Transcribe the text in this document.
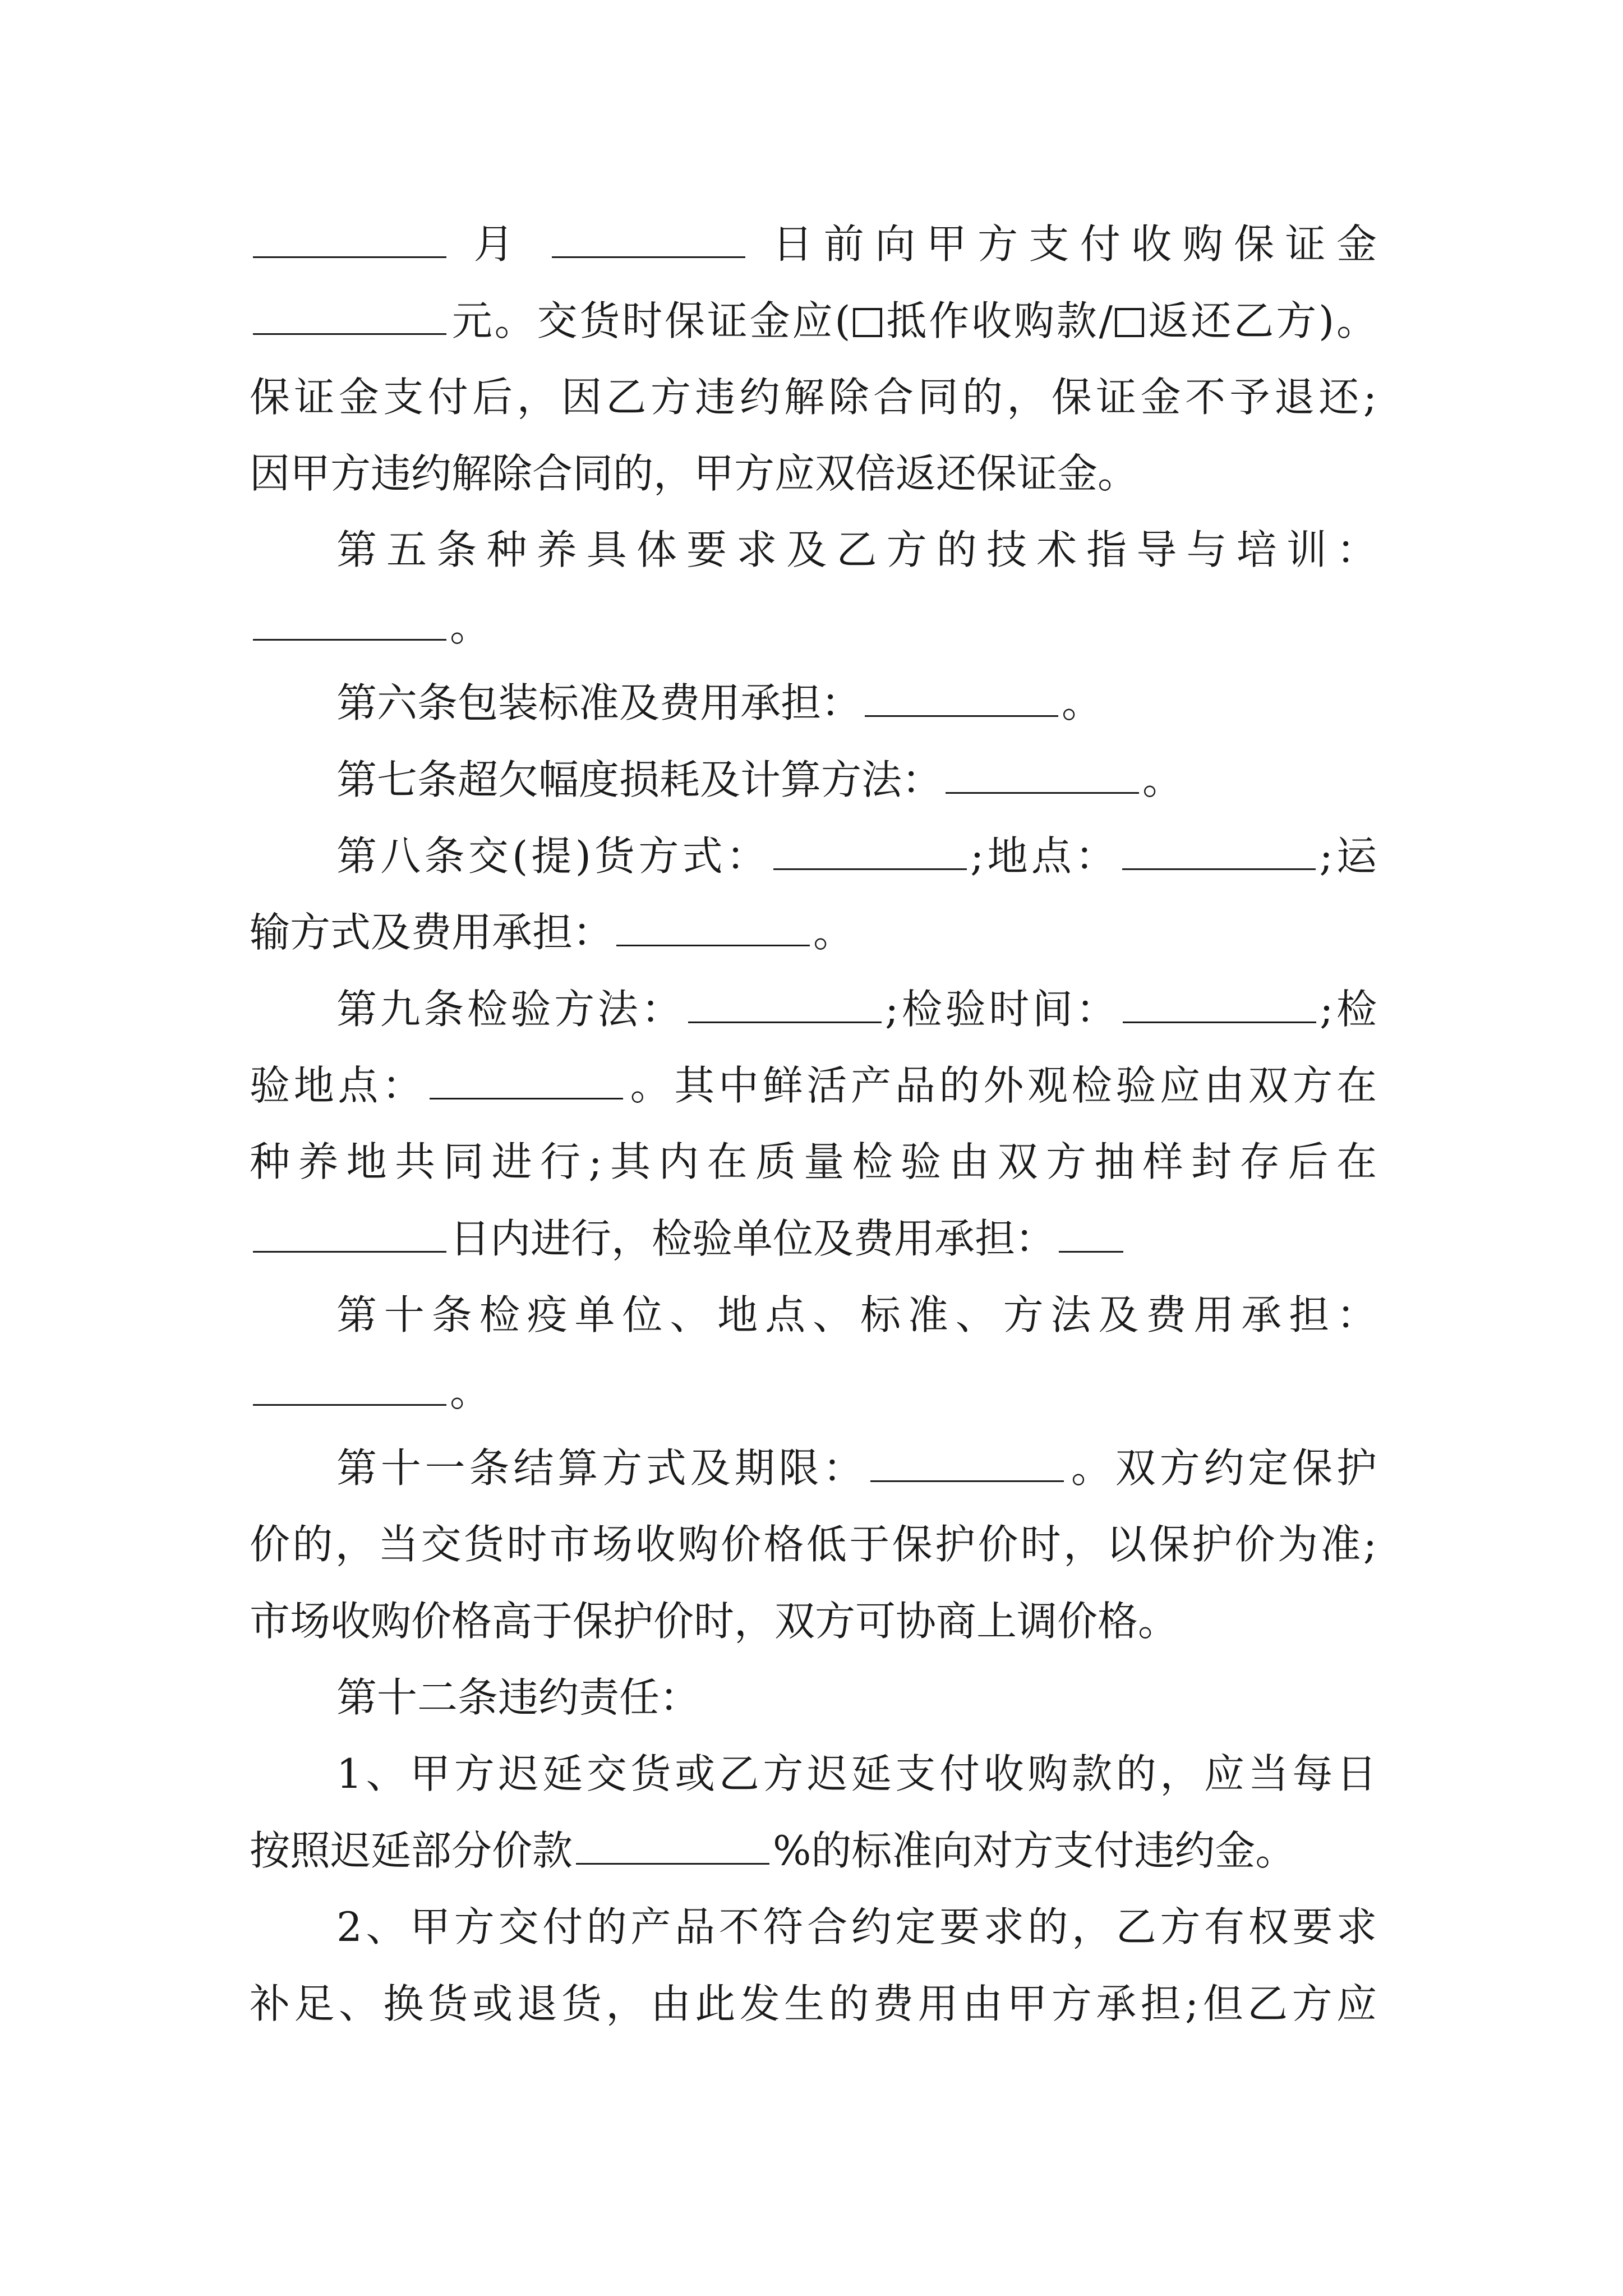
月	日前向甲方支付收购保证金
元。交货时保证金应( 抵作收购款/ 返还乙方)。
保证金支付后，因乙方违约解除合同的，保证金不予退还;
因甲方违约解除合同的，甲方应双倍返还保证金。
第五条种养具体要求及乙方的技术指导与培训：
。
第六条包装标准及费用承担：	。
第七条超欠幅度损耗及计算方法：	。
第八条交(提)货方式：	;地点：	;运
输方式及费用承担：	。
第九条检验方法：	;检验时间：	;检
验地点：	。其中鲜活产品的外观检验应由双方在
种养地共同进行;其内在质量检验由双方抽样封存后在
日内进行，检验单位及费用承担：
第十条检疫单位、地点、标准、方法及费用承担：
。
第十一条结算方式及期限：	。双方约定保护
价的，当交货时市场收购价格低于保护价时，以保护价为准;
市场收购价格高于保护价时，双方可协商上调价格。
第十二条违约责任：
1、甲方迟延交货或乙方迟延支付收购款的，应当每日
按照迟延部分价款	%的标准向对方支付违约金。
2、甲方交付的产品不符合约定要求的，乙方有权要求
补足、换货或退货，由此发生的费用由甲方承担;但乙方应
